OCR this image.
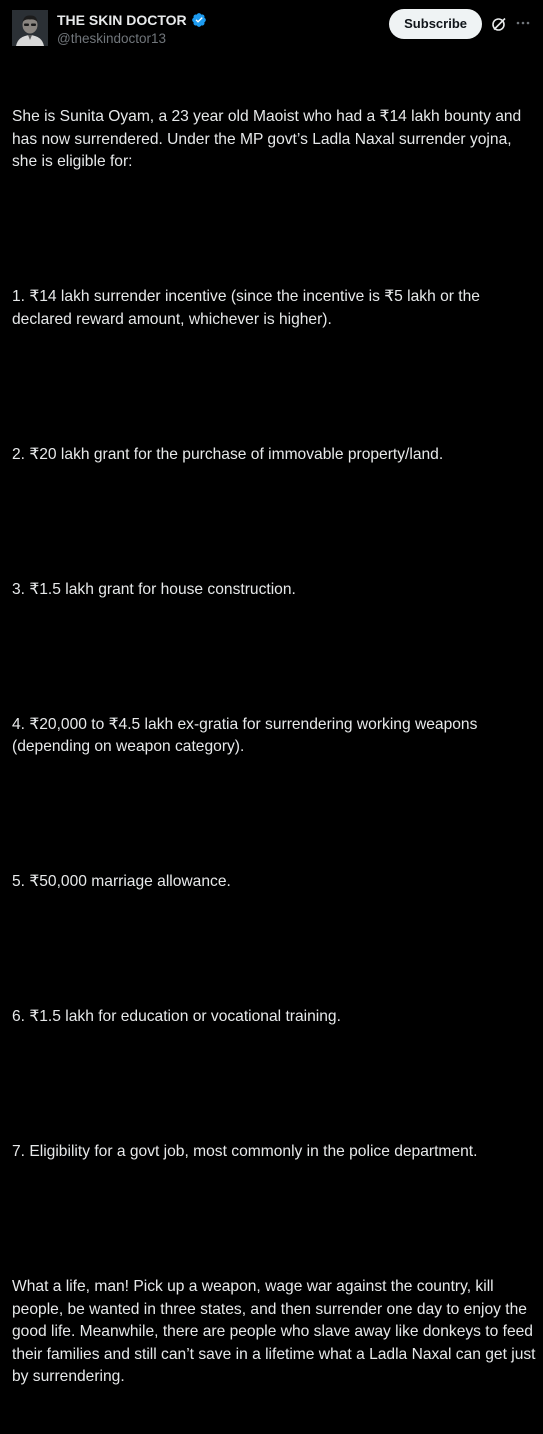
THE SKIN DOCTOR
@theskindoctor13
Subscribe

She is Sunita Oyam, a 23 year old Maoist who had a ₹14 lakh bounty and has now surrendered. Under the MP govt’s Ladla Naxal surrender yojna, she is eligible for:

1. ₹14 lakh surrender incentive (since the incentive is ₹5 lakh or the declared reward amount, whichever is higher).

2. ₹20 lakh grant for the purchase of immovable property/land.

3. ₹1.5 lakh grant for house construction.

4. ₹20,000 to ₹4.5 lakh ex-gratia for surrendering working weapons (depending on weapon category).

5. ₹50,000 marriage allowance.

6. ₹1.5 lakh for education or vocational training.

7. Eligibility for a govt job, most commonly in the police department.

What a life, man! Pick up a weapon, wage war against the country, kill people, be wanted in three states, and then surrender one day to enjoy the good life. Meanwhile, there are people who slave away like donkeys to feed their families and still can’t save in a lifetime what a Ladla Naxal can get just by surrendering.
